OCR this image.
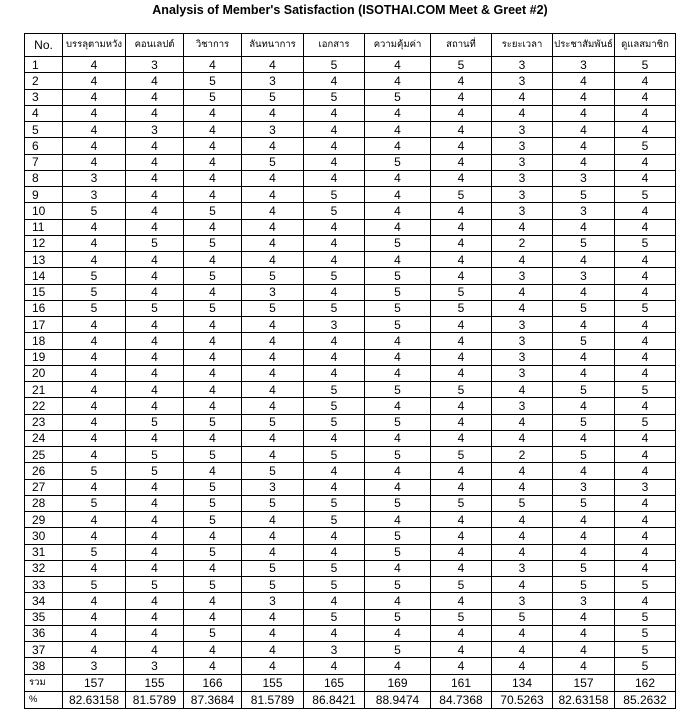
Analysis of Member's Satisfaction (ISOTHAI.COM Meet & Greet #2)
No.	บรรลุตามหวัง	คอนเลปต์	วิชาการ	ลันทนาการ	เอกสาร	ความคุ้มค่า	สถานที่	ระยะเวลา	ประชาสัมพันธ์	ดูแลสมาชิก
1	4	3	4	4	5	4	5	3	3	5
2	4	4	5	3	4	4	4	3	4	4
3	4	4	5	5	5	5	4	4	4	4
4	4	4	4	4	4	4	4	4	4	4
5	4	3	4	3	4	4	4	3	4	4
6	4	4	4	4	4	4	4	3	4	5
7	4	4	4	5	4	5	4	3	4	4
8	3	4	4	4	4	4	4	3	3	4
9	3	4	4	4	5	4	5	3	5	5
10	5	4	5	4	5	4	4	3	3	4
11	4	4	4	4	4	4	4	4	4	4
12	4	5	5	4	4	5	4	2	5	5
13	4	4	4	4	4	4	4	4	4	4
14	5	4	5	5	5	5	4	3	3	4
15	5	4	4	3	4	5	5	4	4	4
16	5	5	5	5	5	5	5	4	5	5
17	4	4	4	4	3	5	4	3	4	4
18	4	4	4	4	4	4	4	3	5	4
19	4	4	4	4	4	4	4	3	4	4
20	4	4	4	4	4	4	4	3	4	4
21	4	4	4	4	5	5	5	4	5	5
22	4	4	4	4	5	4	4	3	4	4
23	4	5	5	5	5	5	4	4	5	5
24	4	4	4	4	4	4	4	4	4	4
25	4	5	5	4	5	5	5	2	5	4
26	5	5	4	5	4	4	4	4	4	4
27	4	4	5	3	4	4	4	4	3	3
28	5	4	5	5	5	5	5	5	5	4
29	4	4	5	4	5	4	4	4	4	4
30	4	4	4	4	4	5	4	4	4	4
31	5	4	5	4	4	5	4	4	4	4
32	4	4	4	5	5	4	4	3	5	4
33	5	5	5	5	5	5	5	4	5	5
34	4	4	4	3	4	4	4	3	3	4
35	4	4	4	4	5	5	5	5	4	5
36	4	4	5	4	4	4	4	4	4	5
37	4	4	4	4	3	5	4	4	4	5
38	3	3	4	4	4	4	4	4	4	5
รวม	157	155	166	155	165	169	161	134	157	162
%	82.63158	81.5789	87.3684	81.5789	86.8421	88.9474	84.7368	70.5263	82.63158	85.2632
